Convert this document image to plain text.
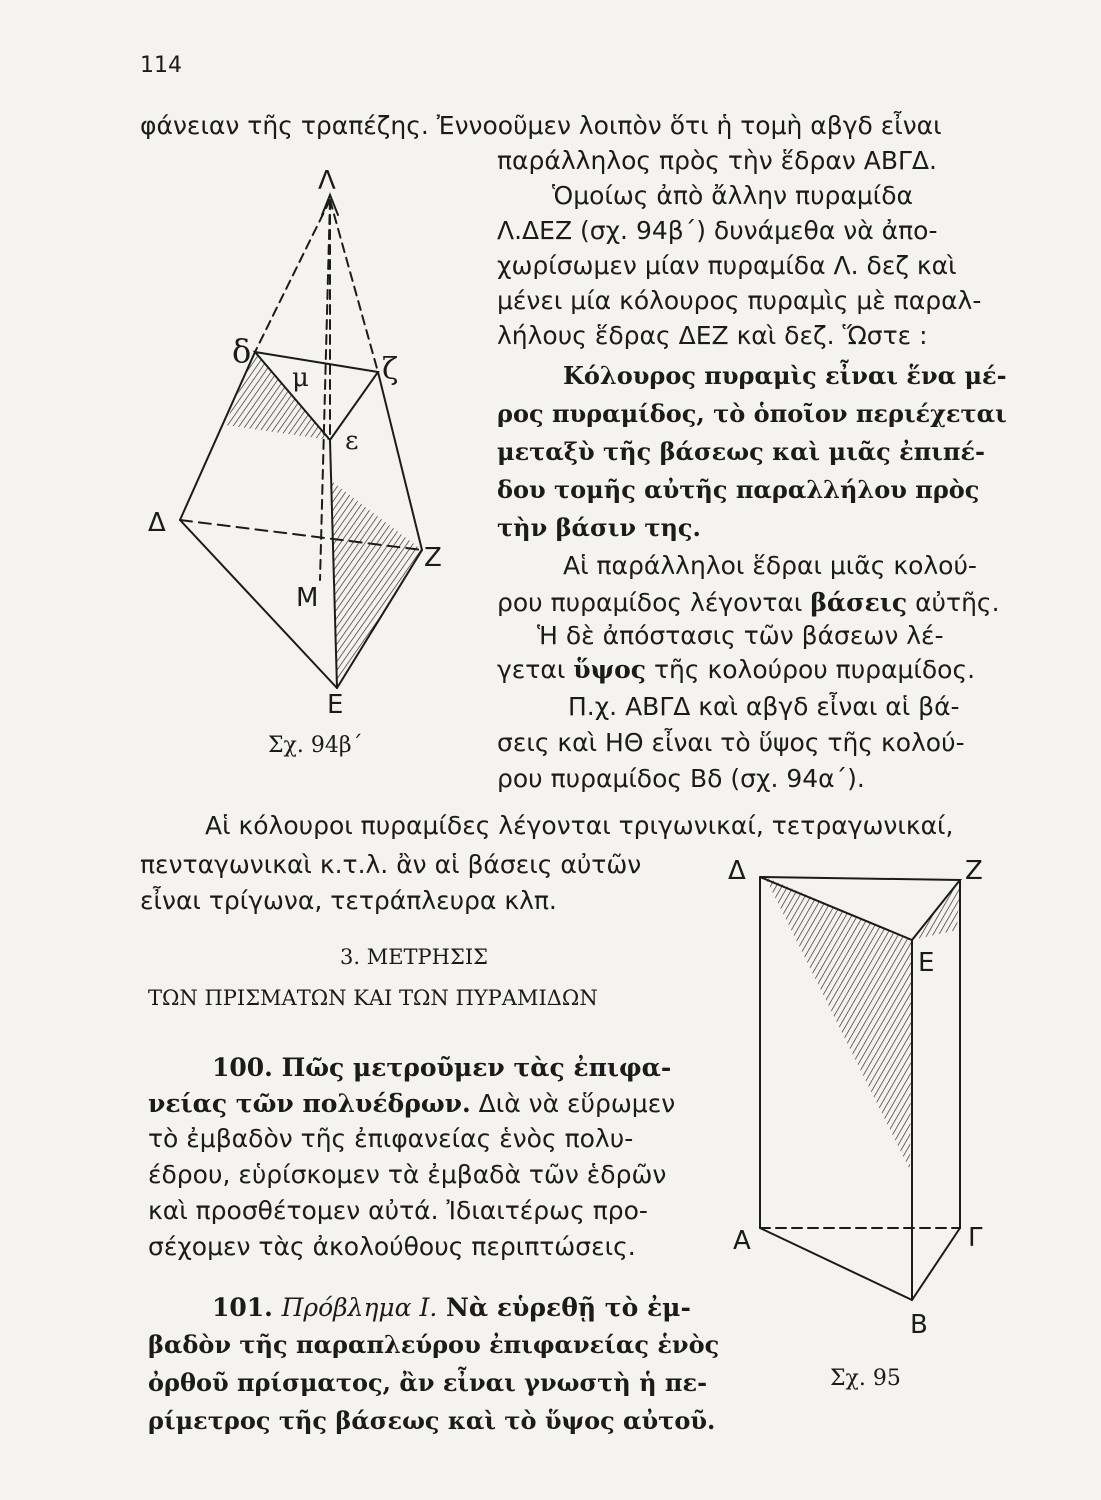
114
φάνειαν τῆς τραπέζης. Ἐννοοῦμεν λοιπὸν ὅτι ἡ τομὴ αβγδ εἶναι
παράλληλος πρὸς τὴν ἕδραν ΑΒΓΔ.
Ὁμοίως ἀπὸ ἄλλην πυραμίδα
Λ.ΔΕΖ (σχ. 94β΄) δυνάμεθα νὰ ἀπο-
χωρίσωμεν μίαν πυραμίδα Λ. δεζ καὶ
μένει μία κόλουρος πυραμὶς μὲ παραλ-
λήλους ἕδρας ΔΕΖ καὶ δεζ. Ὥστε :
Κόλουρος πυραμὶς εἶναι ἕνα μέ-
ρος πυραμίδος, τὸ ὁποῖον περιέχεται
μεταξὺ τῆς βάσεως καὶ μιᾶς ἐπιπέ-
δου τομῆς αὐτῆς παραλλήλου πρὸς
τὴν βάσιν της.
Αἱ παράλληλοι ἕδραι μιᾶς κολού-
ρου πυραμίδος λέγονται βάσεις αὐτῆς.
Ἡ δὲ ἀπόστασις τῶν βάσεων λέ-
γεται ὕψος τῆς κολούρου πυραμίδος.
Π.χ. ΑΒΓΔ καὶ αβγδ εἶναι αἱ βά-
σεις καὶ ΗΘ εἶναι τὸ ὕψος τῆς κολού-
ρου πυραμίδος Βδ (σχ. 94α΄).
Αἱ κόλουροι πυραμίδες λέγονται τριγωνικαί, τετραγωνικαί,
πενταγωνικαὶ κ.τ.λ. ἂν αἱ βάσεις αὐτῶν
εἶναι τρίγωνα, τετράπλευρα κλπ.
3. ΜΕΤΡΗΣΙΣ
ΤΩΝ ΠΡΙΣΜΑΤΩΝ ΚΑΙ ΤΩΝ ΠΥΡΑΜΙΔΩΝ
100. Πῶς μετροῦμεν τὰς ἐπιφα-
νείας τῶν πολυέδρων. Διὰ νὰ εὕρωμεν
τὸ ἐμβαδὸν τῆς ἐπιφανείας ἑνὸς πολυ-
έδρου, εὑρίσκομεν τὰ ἐμβαδὰ τῶν ἑδρῶν
καὶ προσθέτομεν αὐτά. Ἰδιαιτέρως προ-
σέχομεν τὰς ἀκολούθους περιπτώσεις.
101. Πρόβλημα Ι. Νὰ εὑρεθῇ τὸ ἐμ-
βαδὸν τῆς παραπλεύρου ἐπιφανείας ἑνὸς
ὀρθοῦ πρίσματος, ἂν εἶναι γνωστὴ ἡ πε-
ρίμετρος τῆς βάσεως καὶ τὸ ὕψος αὐτοῦ.
Λ
δ	ζ
μ
ε
Δ
Z
M
E
Σχ. 94β΄
Δ	Z
E
A	Γ
B
Σχ. 95
